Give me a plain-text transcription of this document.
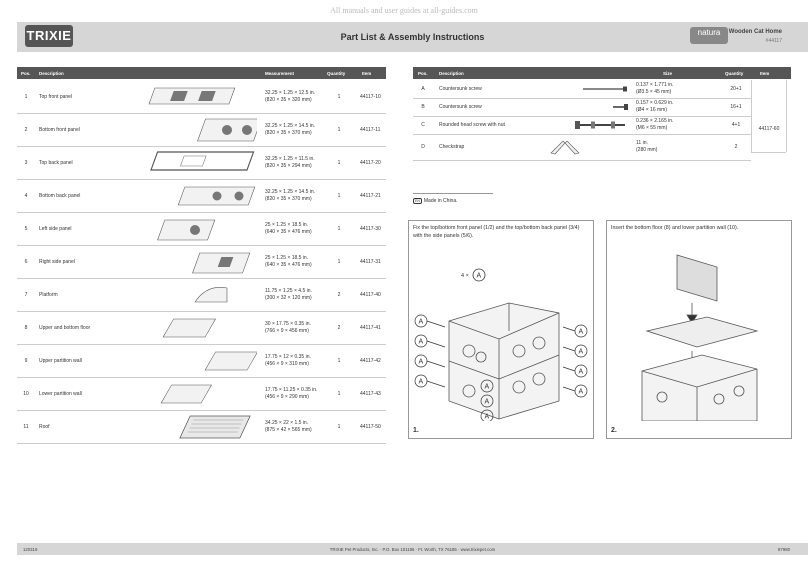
All manuals and user guides at all-guides.com
Part List & Assembly Instructions
TRIXIE	natura	Wooden Cat Home
#44117
Pos. Description	Measurement	Quantity	Item
1	Top front panel
32.25 × 1.25 × 12.5 in.
(820 × 35 × 320 mm)	1	44117-10
2	Bottom front panel
32.25 × 1.25 × 14.5 in.
(820 × 35 × 370 mm)	1	44117-11
3	Top back panel
32.25 × 1.25 × 11.5 in.
(820 × 35 × 294 mm)	1	44117-20
4	Bottom back panel
32.25 × 1.25 × 14.5 in.
(820 × 35 × 370 mm)	1	44117-21
5	Left side panel
25 × 1.25 × 18.5 in.
(640 × 35 × 476 mm)	1	44117-30
6	Right side panel
25 × 1.25 × 18.5 in.
(640 × 35 × 476 mm)	1	44117-31
7	Platform
11.75 × 1.25 × 4.5 in.
(300 × 32 × 120 mm)	2	44117-40
8	Upper and bottom floor
30 × 17.75 × 0.35 in.
(766 × 9 × 456 mm)	2	44117-41
9	Upper partition wall
17.75 × 12 × 0.35 in.
(456 × 9 × 310 mm)	1	44117-42
10	Lower partition wall
17.75 × 11.25 × 0.35 in.
(456 × 9 × 290 mm)	1	44117-43
11	Roof
34.25 × 22 × 1.5 in.
(875 × 42 × 565 mm)	1	44117-50
Pos.	Description	Size	Quantity	Item
A	Countersunk screw
0.137 × 1.771 in.
(Ø3.5 × 45 mm)	20+1
B	Countersunk screw
0.157 × 0.629 in.
(Ø4 × 16 mm)	16+1
C	Rounded head screw with nut
0.236 × 2.165 in.
(M6 × 55 mm)	4+1
D	Checkstrap
11 in.
(280 mm)	2
44117-60
EN Made in China.
Fix the top/bottom front panel (1/2) and the top/bottom back panel (3/4) with the side panels (5/6).
4 × A
A
A
A
A
A
A
A
A
A
A
A
1.
Insert the bottom floor (8) and lower partition wall (10).
2.
120319	TRIXIE Pet Products, Inc. · P.O. Box 101196 · Ft. Worth, TX 76185 · www.trixiepet.com	87980
